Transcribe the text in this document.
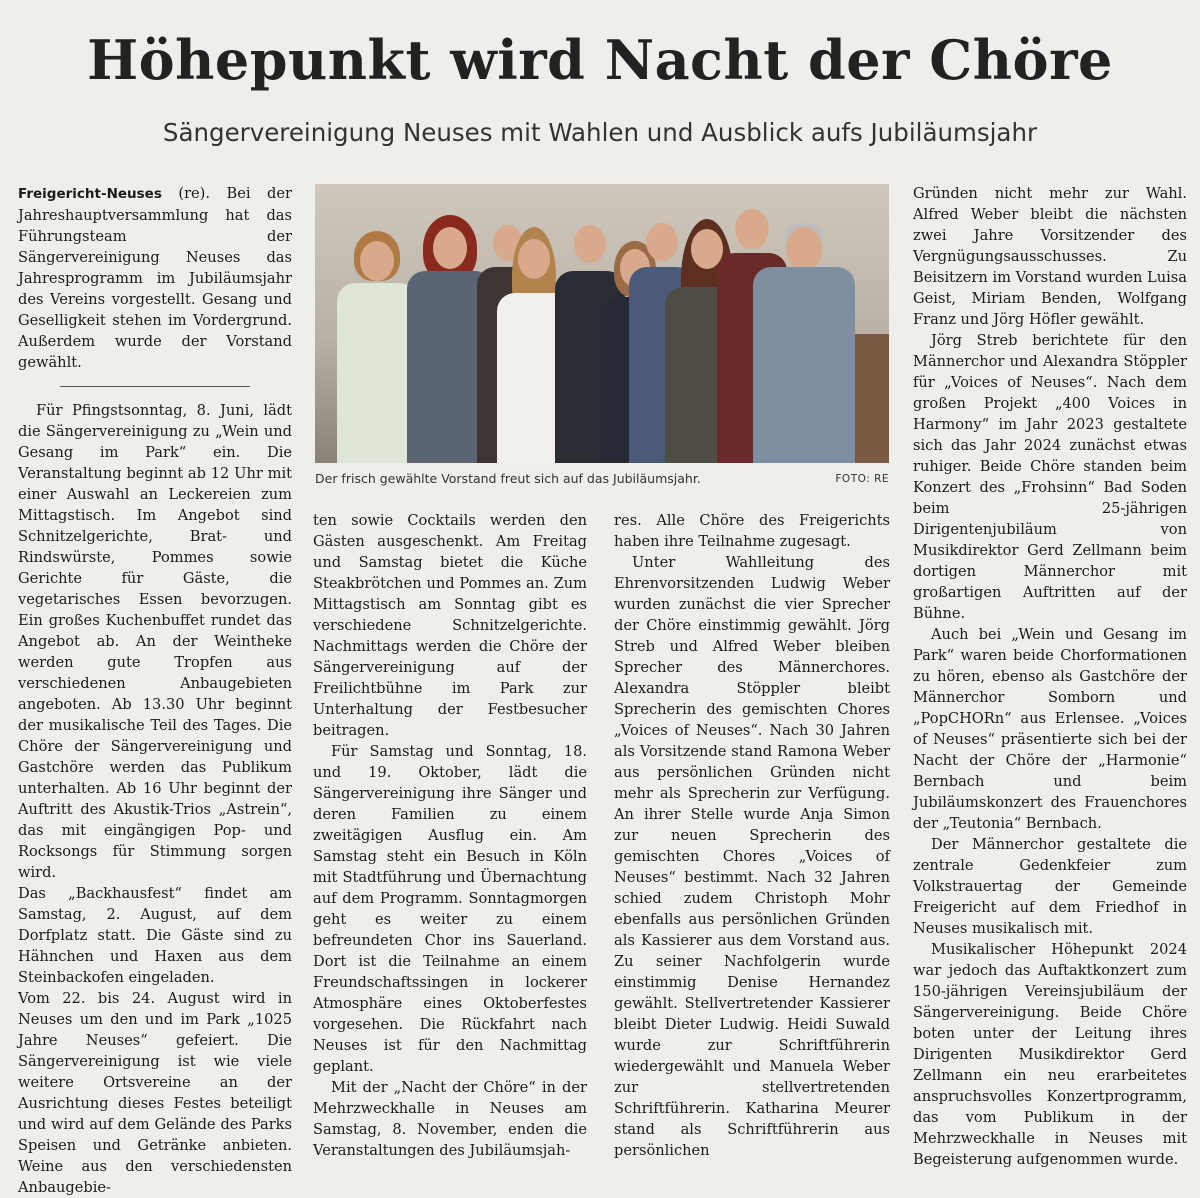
Höhepunkt wird Nacht der Chöre
Sängervereinigung Neuses mit Wahlen und Ausblick aufs Jubiläumsjahr

Freigericht-Neuses (re). Bei der Jahreshauptversammlung hat das Führungsteam der Sängervereinigung Neuses das Jahresprogramm im Jubiläumsjahr des Vereins vorgestellt. Gesang und Geselligkeit stehen im Vordergrund. Außerdem wurde der Vorstand gewählt.

Für Pfingstsonntag, 8. Juni, lädt die Sängervereinigung zu „Wein und Gesang im Park“ ein. Die Veranstaltung beginnt ab 12 Uhr mit einer Auswahl an Leckereien zum Mittagstisch. Im Angebot sind Schnitzelgerichte, Brat- und Rindswürste, Pommes sowie Gerichte für Gäste, die vegetarisches Essen bevorzugen. Ein großes Kuchenbuffet rundet das Angebot ab. An der Weintheke werden gute Tropfen aus verschiedenen Anbaugebieten angeboten. Ab 13.30 Uhr beginnt der musikalische Teil des Tages. Die Chöre der Sängervereinigung und Gastchöre werden das Publikum unterhalten. Ab 16 Uhr beginnt der Auftritt des Akustik-Trios „Astrein“, das mit eingängigen Pop- und Rocksongs für Stimmung sorgen wird.

Das „Backhausfest“ findet am Samstag, 2. August, auf dem Dorfplatz statt. Die Gäste sind zu Hähnchen und Haxen aus dem Steinbackofen eingeladen.

Vom 22. bis 24. August wird in Neuses um den und im Park „1025 Jahre Neuses“ gefeiert. Die Sängervereinigung ist wie viele weitere Ortsvereine an der Ausrichtung dieses Festes beteiligt und wird auf dem Gelände des Parks Speisen und Getränke anbieten. Weine aus den verschiedensten Anbaugebie-

Der frisch gewählte Vorstand freut sich auf das Jubiläumsjahr.	FOTO: RE

ten sowie Cocktails werden den Gästen ausgeschenkt. Am Freitag und Samstag bietet die Küche Steakbrötchen und Pommes an. Zum Mittagstisch am Sonntag gibt es verschiedene Schnitzelgerichte. Nachmittags werden die Chöre der Sängervereinigung auf der Freilichtbühne im Park zur Unterhaltung der Festbesucher beitragen.

Für Samstag und Sonntag, 18. und 19. Oktober, lädt die Sängervereinigung ihre Sänger und deren Familien zu einem zweitägigen Ausflug ein. Am Samstag steht ein Besuch in Köln mit Stadtführung und Übernachtung auf dem Programm. Sonntagmorgen geht es weiter zu einem befreundeten Chor ins Sauerland. Dort ist die Teilnahme an einem Freundschaftssingen in lockerer Atmosphäre eines Oktoberfestes vorgesehen. Die Rückfahrt nach Neuses ist für den Nachmittag geplant.

Mit der „Nacht der Chöre“ in der Mehrzweckhalle in Neuses am Samstag, 8. November, enden die Veranstaltungen des Jubiläumsjah-

res. Alle Chöre des Freigerichts haben ihre Teilnahme zugesagt.

Unter Wahlleitung des Ehrenvorsitzenden Ludwig Weber wurden zunächst die vier Sprecher der Chöre einstimmig gewählt. Jörg Streb und Alfred Weber bleiben Sprecher des Männerchores. Alexandra Stöppler bleibt Sprecherin des gemischten Chores „Voices of Neuses“. Nach 30 Jahren als Vorsitzende stand Ramona Weber aus persönlichen Gründen nicht mehr als Sprecherin zur Verfügung. An ihrer Stelle wurde Anja Simon zur neuen Sprecherin des gemischten Chores „Voices of Neuses“ bestimmt. Nach 32 Jahren schied zudem Christoph Mohr ebenfalls aus persönlichen Gründen als Kassierer aus dem Vorstand aus. Zu seiner Nachfolgerin wurde einstimmig Denise Hernandez gewählt. Stellvertretender Kassierer bleibt Dieter Ludwig. Heidi Suwald wurde zur Schriftführerin wiedergewählt und Manuela Weber zur stellvertretenden Schriftführerin. Katharina Meurer stand als Schriftführerin aus persönlichen

Gründen nicht mehr zur Wahl. Alfred Weber bleibt die nächsten zwei Jahre Vorsitzender des Vergnügungsausschusses. Zu Beisitzern im Vorstand wurden Luisa Geist, Miriam Benden, Wolfgang Franz und Jörg Höfler gewählt.

Jörg Streb berichtete für den Männerchor und Alexandra Stöppler für „Voices of Neuses“. Nach dem großen Projekt „400 Voices in Harmony“ im Jahr 2023 gestaltete sich das Jahr 2024 zunächst etwas ruhiger. Beide Chöre standen beim Konzert des „Frohsinn“ Bad Soden beim 25-jährigen Dirigentenjubiläum von Musikdirektor Gerd Zellmann beim dortigen Männerchor mit großartigen Auftritten auf der Bühne.

Auch bei „Wein und Gesang im Park“ waren beide Chorformationen zu hören, ebenso als Gastchöre der Männerchor Somborn und „PopCHORn“ aus Erlensee. „Voices of Neuses“ präsentierte sich bei der Nacht der Chöre der „Harmonie“ Bernbach und beim Jubiläumskonzert des Frauenchores der „Teutonia“ Bernbach.

Der Männerchor gestaltete die zentrale Gedenkfeier zum Volkstrauertag der Gemeinde Freigericht auf dem Friedhof in Neuses musikalisch mit.

Musikalischer Höhepunkt 2024 war jedoch das Auftaktkonzert zum 150-jährigen Vereinsjubiläum der Sängervereinigung. Beide Chöre boten unter der Leitung ihres Dirigenten Musikdirektor Gerd Zellmann ein neu erarbeitetes anspruchsvolles Konzertprogramm, das vom Publikum in der Mehrzweckhalle in Neuses mit Begeisterung aufgenommen wurde.
